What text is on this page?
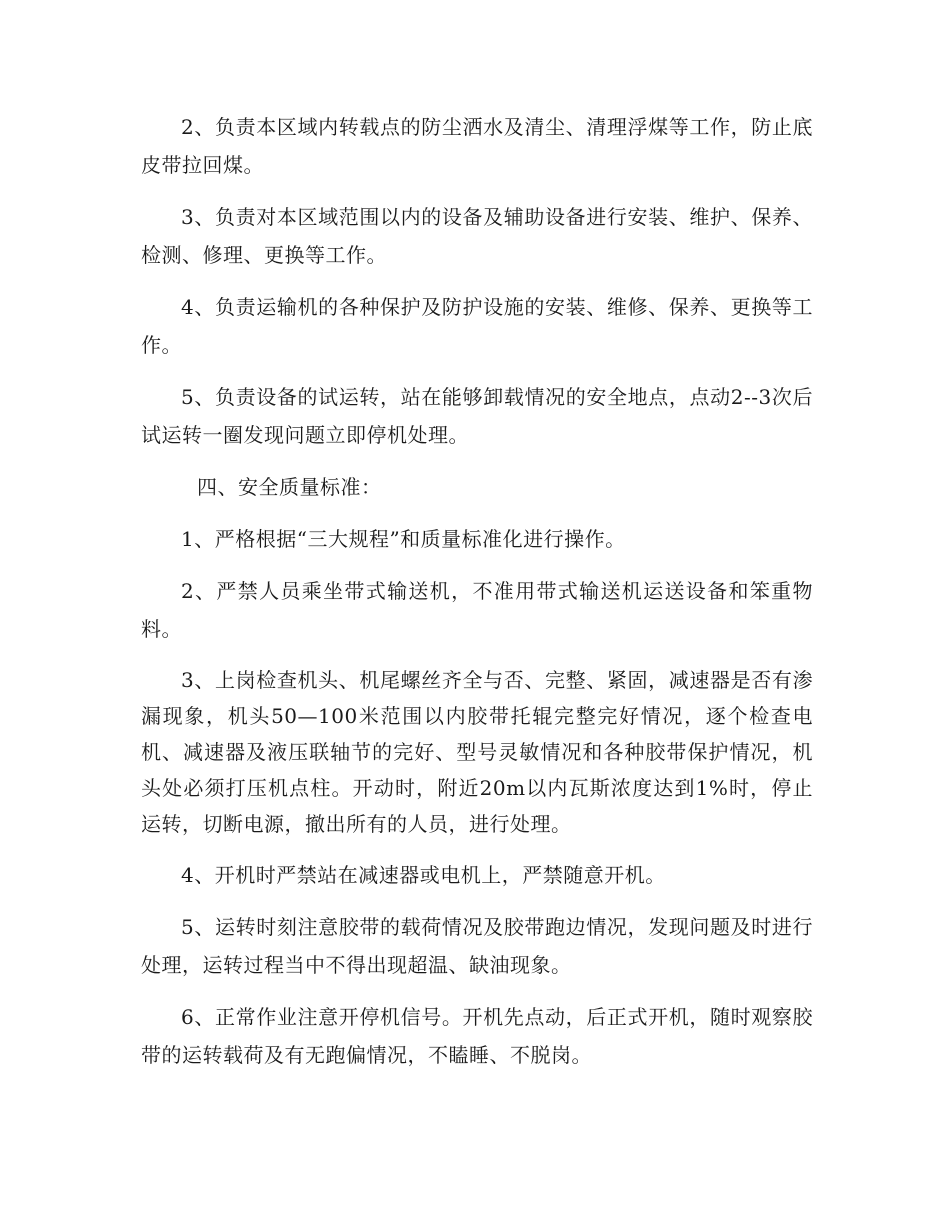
2、负责本区域内转载点的防尘洒水及清尘、清理浮煤等工作，防止底皮带拉回煤。

3、负责对本区域范围以内的设备及辅助设备进行安装、维护、保养、检测、修理、更换等工作。

4、负责运输机的各种保护及防护设施的安装、维修、保养、更换等工作。

5、负责设备的试运转，站在能够卸载情况的安全地点，点动2--3次后试运转一圈发现问题立即停机处理。

四、安全质量标准：

1、严格根据“三大规程”和质量标准化进行操作。

2、严禁人员乘坐带式输送机，不准用带式输送机运送设备和笨重物料。

3、上岗检查机头、机尾螺丝齐全与否、完整、紧固，减速器是否有渗漏现象，机头50—100米范围以内胶带托辊完整完好情况，逐个检查电机、减速器及液压联轴节的完好、型号灵敏情况和各种胶带保护情况，机头处必须打压机点柱。开动时，附近20m以内瓦斯浓度达到1%时，停止运转，切断电源，撤出所有的人员，进行处理。

4、开机时严禁站在减速器或电机上，严禁随意开机。

5、运转时刻注意胶带的载荷情况及胶带跑边情况，发现问题及时进行处理，运转过程当中不得出现超温、缺油现象。

6、正常作业注意开停机信号。开机先点动，后正式开机，随时观察胶带的运转载荷及有无跑偏情况，不瞌睡、不脱岗。
